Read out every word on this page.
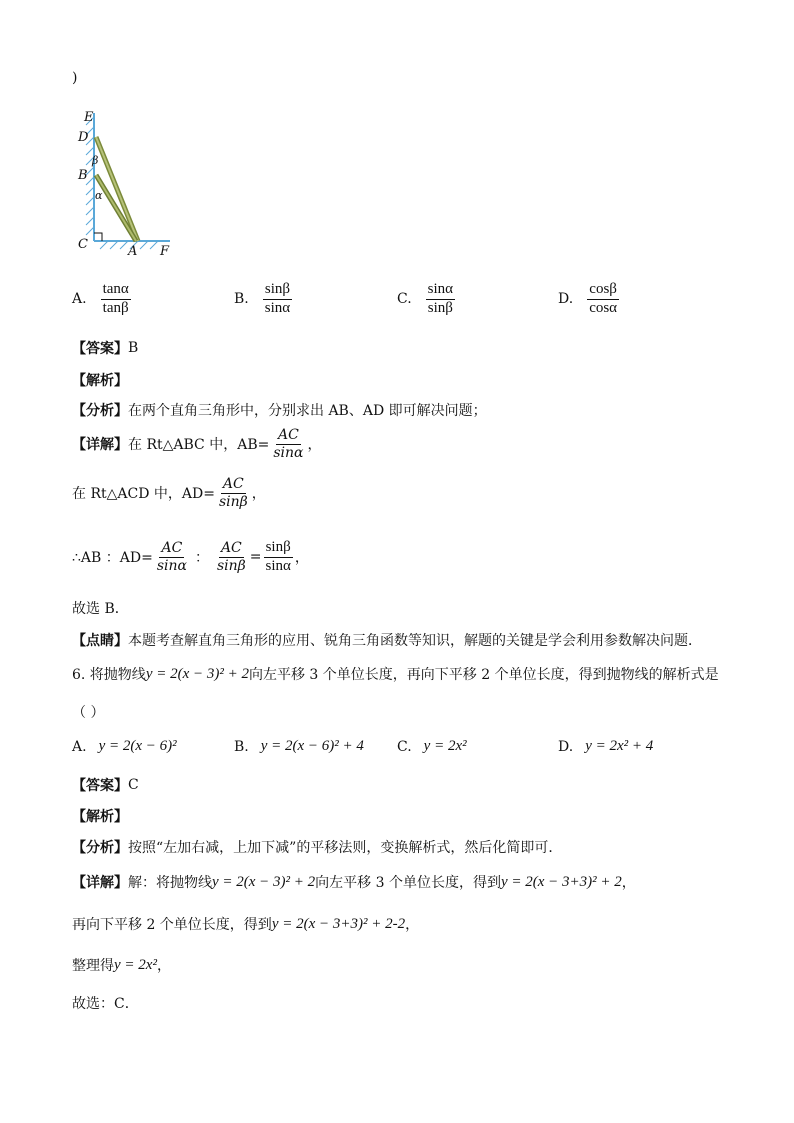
)
E
D
β
B
α
C	A F
A. $\frac{\tan\alpha}{\tan\beta}$	B. $\frac{\sin\beta}{\sin\alpha}$	C. $\frac{\sin\alpha}{\sin\beta}$	D. $\frac{\cos\beta}{\cos\alpha}$
【答案】 B
【解析】
【分析】 在两个直角三角形中，分别求出 AB、AD 即可解决问题；
【详解】 在 Rt△ABC 中，$AB= \frac{AC}{\sin\alpha}$ ，
在 Rt△ACD 中，$AD= \frac{AC}{\sin\beta}$ ，
∴AB ：$AD= \frac{AC}{\sin\alpha}$ ： $\frac{AC}{\sin\beta} = \frac{\sin\beta}{\sin\alpha}$ ，
故选 B．
【点睛】 本题考查解直角三角形的应用、锐角三角函数等知识，解题的关键是学会利用参数解决问题．
6. 将抛物线 y = 2(x − 3)² + 2 向左平移 3 个单位长度，再向下平移 2 个单位长度，得到抛物线的解析式是
（ ）
A. y = 2(x − 6)²	B. y = 2(x − 6)² + 4 C. y = 2x²	D. y = 2x² + 4
【答案】 C
【解析】
【分析】 按照“左加右减，上加下减”的平移法则，变换解析式，然后化简即可．
【详解】 解：将抛物线 y = 2(x − 3)² + 2 向左平移 3 个单位长度，得到 y = 2(x − 3+3)² + 2 ，
再向下平移 2 个单位长度，得到 y = 2(x − 3+3)² + 2-2 ，
整理得 y = 2x² ，
故选：C．
